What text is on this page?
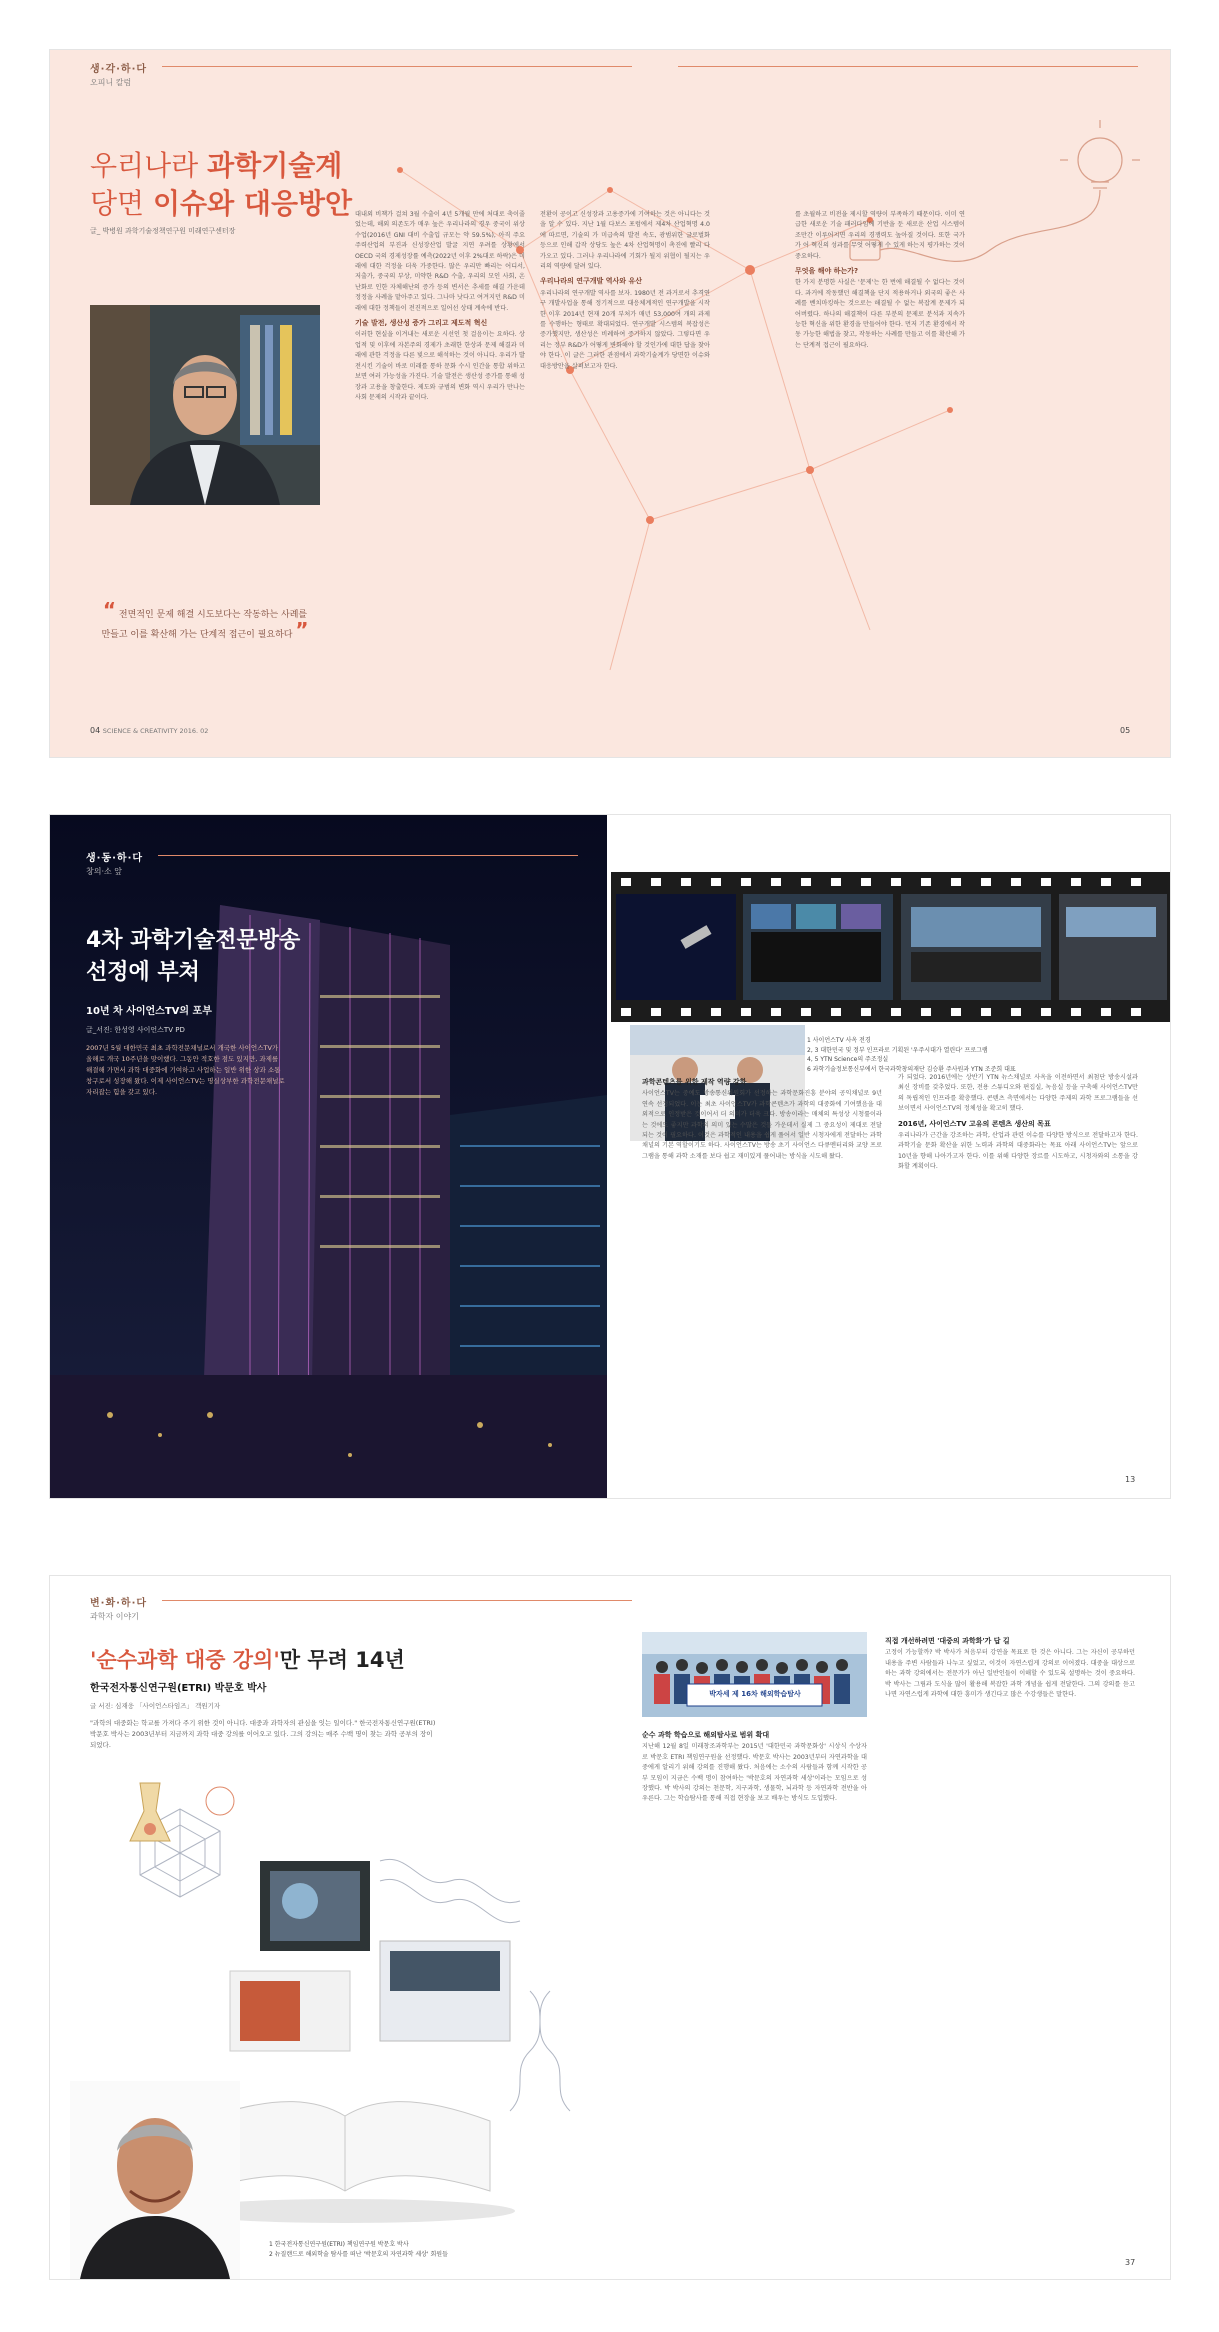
생·각·하·다
오피니 칼럼
우리나라 과학기술계
당면 이슈와 대응방안
글_ 박병원 과학기술정책연구원 미래연구센터장
“ 전면적인 문제 해결 시도보다는 작동하는 사례를 만들고 이를 확산해 가는 단계적 접근이 필요하다 ”
대내외 비책가 걸쳐 3월 수출이 4년 5개월 만에 처대로 축이줄었는데, 해외 의존도가 매우 높은 우리나라의 경우 중국이 위상 수업(2016년 GNI 대비 수출입 규모는 약 59.5%), 아직 주요 주력산업의 부진과 신성장산업 발굴 지연 우려를 상황에서 OECD 국의 경제성장률 예측(2022년 이후 2%대로 하락)은 미래에 대한 걱정을 더욱 가중한다. 많은 우리만 빠리는 어디서, 저출가, 중국의 부상, 미약한 R&D 수출, 우리의 모인 사회, 온난화로 인한 자체해난의 증가 등의 변서은 추세를 해결 가운데 정정을 사례을 맡아주고 있다. 그나마 낫다고 여겨지던 R&D 미래에 대한 정책들이 전진적으로 일어선 상태 계속에 반다.
기술 발전, 생산성 증가 그리고 제도적 혁신
이러한 현실을 이겨내는 새로운 시선인 첫 걸음이는 요하다. 상업적 및 이후에 자본주의 경제가 초래한 한상과 문제 해결과 미래에 관한 걱정을 다른 빛으로 해석하는 것이 아니다. 우리가 발전시킨 기술이 바로 미래를 통하 문화 수시 인간을 통합 위하고 보면 여러 가능성을 가진다. 기술 발전은 생산성 증가를 통해 성장과 고용을 창출한다. 제도와 규범의 변화 역시 우리가 만나는 사회 문제의 시작과 끝이다.
전환이 공이고 신성장과 고용증가에 기여하는 것은 아니다는 것을 알 수 있다. 지난 1월 다보스 포럼에서 제4차 산업혁명 4.0에 따르면, 기술의 가 미급속의 발전 속도, 광범위한 글로벌화 등으로 인해 갑작 상당도 높은 4차 산업혁명이 촉진에 빨리 다가오고 있다. 그러나 우리나라에 기회가 될지 위협이 될지는 우리의 역량에 달려 있다.
우리나라의 연구개발 역사와 유산
우리나라의 연구개발 역사를 보자. 1980년 전 과거로서 추격연구 개발사업을 통해 정기적으로 대응체계적인 연구개발을 시작한 이후 2014년 현재 20개 부처가 매년 53,000여 개의 과제를 수행하는 형태로 확대되었다. 연구개발 시스템의 복잡성은 증가했지만, 생산성은 비례하여 증가하지 않았다. 그렇다면 우리는 정부 R&D가 어떻게 변화해야 할 것인가에 대한 답을 찾아야 한다. 이 글은 그러한 관점에서 과학기술계가 당면한 이슈와 대응방안을 살펴보고자 한다.
를 초월하고 비전을 제시할 역량이 부족하기 때문이다. 이미 연급한 새로운 기술 패러다임에 기반을 둔 새로운 산업 시스템이 조만간 이루어지면 우리의 경쟁력도 높아질 것이다. 또한 국가가 어 혁신의 성과를 무엇 어떻게 수 있게 하는지 평가하는 것이 중요하다.
무엇을 해야 하는가?
한 가지 분명한 사실은 '문제'는 한 번에 해결될 수 없다는 것이다. 과거에 작동했던 해결책을 단지 적용하거나 외국의 좋은 사례를 벤치마킹하는 것으로는 해결될 수 없는 복잡계 문제가 되어버렸다. 하나의 해결책이 다른 부분의 문제로 분석과 지속가능한 혁신을 위한 환경을 만들어야 한다. 먼저 기존 환경에서 작동 가능한 해법을 찾고, 작동하는 사례를 만들고 이를 확산해 가는 단계적 접근이 필요하다.
04 SCIENCE & CREATIVITY 2016. 02	05
생·동·하·다
창의·소 앞
4차 과학기술전문방송
선정에 부쳐
10년 차 사이언스TV의 포부
글_서진: 한성영 사이언스TV PD
2007년 5월 대한민국 최초 과학전문채널로서 개국한 사이언스TV가 올해로 개국 10주년을 맞이했다. 그동안 적호한 점도 있지만, 과제를 해결해 가면서 과학 대중화에 기여하고 사업하는 일반 위한 상과 소통 창구로서 성장해 왔다. 이제 사이언스TV는 명실상부한 과학전문채널로 자리잡는 힘을 갖고 있다.
1 사이언스TV 사옥 전경
2, 3 대한민국 및 정부 인프라로 기획된 '우주시대가 열린다' 프로그램
4, 5 YTN Science의 주조정실
6 과학기술정보통신부에서 한국과학창의재단 김승환 주사원과 YTN 조준희 대표
과학콘텐츠를 위한 제작 역량 강화
사이언스TV는 중예도 방송통신위원회가 선정하는 과학문화진흥 분야의 공익채널로 9년 연속 선정되었다. 이는 최초 사이언스TV가 과학콘텐츠가 과학의 대중화에 기여했음을 대외적으로 인정받은 것이어서 더 의미가 더욱 크다. 방송이라는 매체의 특성상 시청률이라는 것에도 좋지만 과학의 의미 있는 수많은 것들 가운데서 실제 그 중요성이 제대로 전달되는 것이 필요하다. 이것은 과학적인 내용을 쉽게 풀어서 일반 시청자에게 전달하는 과학채널의 기본 역할이기도 하다. 사이언스TV는 방송 초기 사이언스 다큐멘터리와 교양 프로그램을 통해 과학 소재를 보다 쉽고 재미있게 풀어내는 방식을 시도해 왔다.
가 되었다. 2016년에는 상반기 YTN 뉴스채널로 사옥을 이전하면서 최첨단 방송시설과 최신 장비를 갖추었다. 또한, 전용 스튜디오와 편집실, 녹음실 등을 구축해 사이언스TV만의 독립적인 인프라를 확충했다. 콘텐츠 측면에서는 다양한 주제의 과학 프로그램들을 선보이면서 사이언스TV의 정체성을 확고히 했다.
2016년, 사이언스TV 고유의 콘텐츠 생산의 목표
우리나라가 근간을 강조하는 과학, 산업과 관련 이슈를 다양한 방식으로 전달하고자 한다. 과학기술 문화 확산을 위한 노력과 과학의 대중화라는 목표 아래 사이언스TV는 앞으로 10년을 향해 나아가고자 한다. 이를 위해 다양한 장르를 시도하고, 시청자와의 소통을 강화할 계획이다.
13
변·화·하·다
과학자 이야기
'순수과학 대중 강의'만 무려 14년
한국전자통신연구원(ETRI) 박문호 박사
글 서진: 심재웅 「사이언스타임즈」 객원기자
"과학의 대중화는 학교를 가져다 주기 위한 것이 아니다. 대중과 과학자의 관심을 잇는 일이다." 한국전자통신연구원(ETRI) 박문호 박사는 2003년부터 지금까지 과학 대중 강의를 이어오고 있다. 그의 강의는 매주 수백 명이 찾는 과학 공부의 장이 되었다.
1 한국전자통신연구원(ETRI) 책임연구원 박문호 박사
2 뉴질랜드로 해외학술 탐사를 떠난 '박문호의 자연과학 세상' 회원들
박자세 제 16차 해외학습탐사
순수 과학 학습으로 해외탐사로 범위 확대
지난해 12월 8일 미래창조과학부는 2015년 '대한민국 과학문화상' 시상식 수상자로 박문호 ETRI 책임연구원을 선정했다. 박문호 박사는 2003년부터 자연과학을 대중에게 알리기 위해 강의를 진행해 왔다. 처음에는 소수의 사람들과 함께 시작한 공부 모임이 지금은 수백 명이 참여하는 '박문호의 자연과학 세상'이라는 모임으로 성장했다. 박 박사의 강의는 천문학, 지구과학, 생물학, 뇌과학 등 자연과학 전반을 아우른다. 그는 학습탐사를 통해 직접 현장을 보고 배우는 방식도 도입했다.
직접 개선하려면 '대중의 과학화'가 답 길
고정이 가능할까? 박 박사가 처음부터 강연을 목표로 한 것은 아니다. 그는 자신이 공부하던 내용을 주변 사람들과 나누고 싶었고, 이것이 자연스럽게 강의로 이어졌다. 대중을 대상으로 하는 과학 강의에서는 전문가가 아닌 일반인들이 이해할 수 있도록 설명하는 것이 중요하다. 박 박사는 그림과 도식을 많이 활용해 복잡한 과학 개념을 쉽게 전달한다. 그의 강의를 듣고 나면 자연스럽게 과학에 대한 흥미가 생긴다고 많은 수강생들은 말한다.
37
